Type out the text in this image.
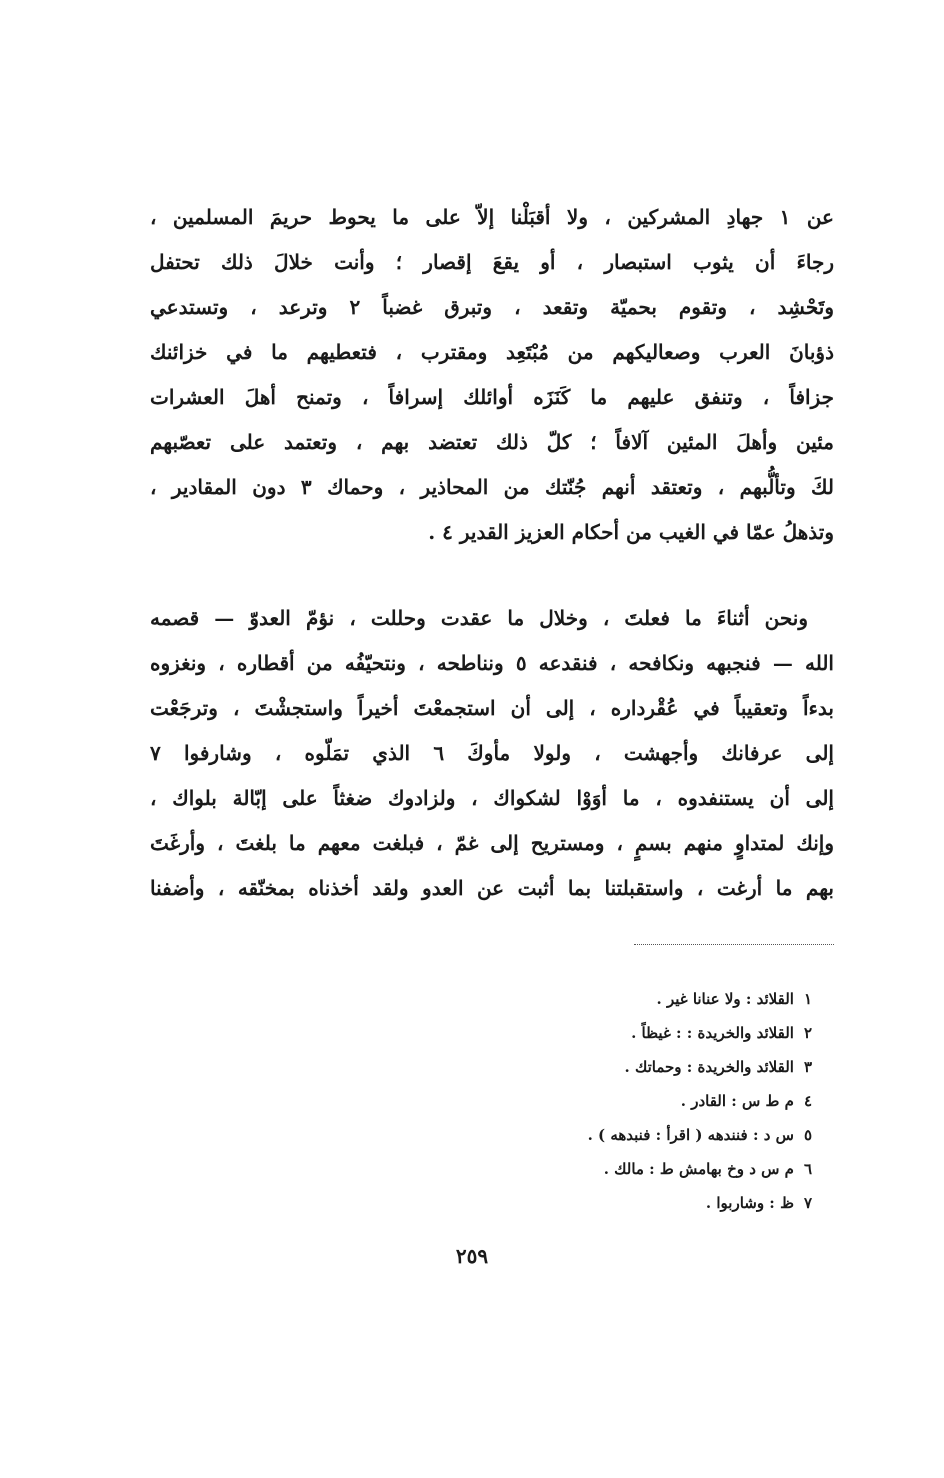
عن ١ جهادِ المشركين ، ولا أقبَلْنا إلاّ على ما يحوط حريمَ المسلمين ،
رجاءَ أن يثوب استبصار ، أو يقعَ إقصار ؛ وأنت خلالَ ذلك تحتفل
وتَحْشِد ، وتقوم بحميّة وتقعد ، وتبرق غضباً ٢ وترعد ، وتستدعي
ذؤبانَ العرب وصعاليكهم من مُبْتَعِد ومقترب ، فتعطيهم ما في خزائنك
جزافاً ، وتنفق عليهم ما كَنَزَه أوائلك إسرافاً ، وتمنح أهلَ العشرات
مئين وأهلَ المئين آلافاً ؛ كلّ ذلك تعتضد بهم ، وتعتمد على تعصّبهم
لكَ وتألُّبهم ، وتعتقد أنهم جُنّتك من المحاذير ، وحماك ٣ دون المقادير ،
وتذهلُ عمّا في الغيب من أحكام العزيز القدير ٤ .
ونحن أثناءَ ما فعلتَ ، وخلال ما عقدت وحللت ، نؤمّ العدوّ — قصمه
الله — فنجبهه ونكافحه ، فنقدعه ٥ ونناطحه ، ونتحيّفُه من أقطاره ، ونغزوه
بدءاً وتعقيباً في عُقْرداره ، إلى أن استجمعْتَ أخيراً واستجشْتَ ، وترجَعْت
إلى عرفانك وأجهشت ، ولولا مأوكَ ٦ الذي تمَلّوه ، وشارفوا ٧
إلى أن يستنفدوه ، ما أوَوْا لشكواك ، ولزادوك ضغثاً على إبّالة بلواك ،
وإنك لمتداوٍ منهم بسمٍ ، ومستريح إلى غمّ ، فبلغت معهم ما بلغتَ ، وأرغَتَ
بهم ما أرغت ، واستقبلتنا بما أثبت عن العدو ولقد أخذناه بمخنّقه ، وأضفنا
١القلائد : ولا عنانا غير .
٢القلائد والخريدة : : غيظاً .
٣القلائد والخريدة : وحماتك .
٤م ط س : القادر .
٥س د : فنندهه ( اقرأ : فنبدهه ) .
٦م س د وخ بهامش ط : مالك .
٧ظ : وشاربوا .
٢٥٩
